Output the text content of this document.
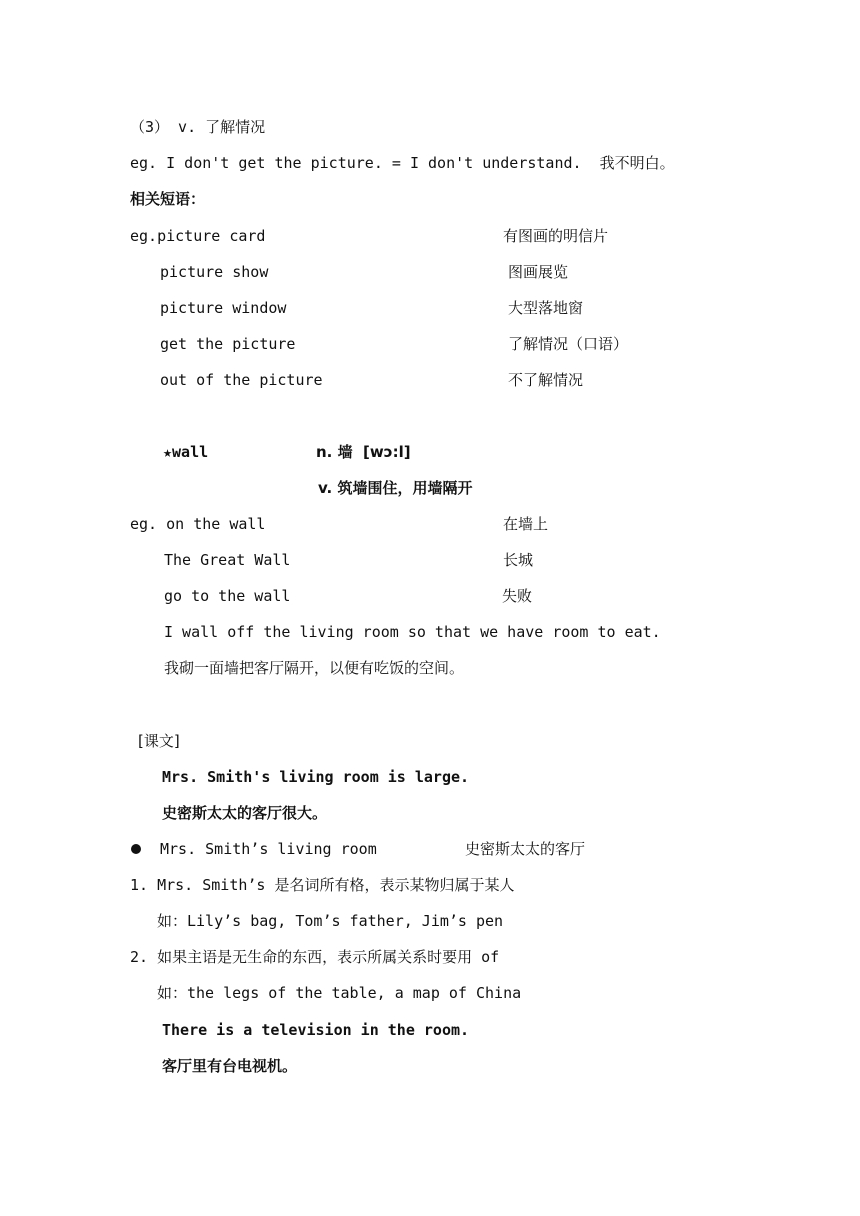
（3） v. 了解情况
eg. I don't get the picture. = I don't understand.  我不明白。
相关短语：
eg.picture card	有图画的明信片
picture show	图画展览
picture window	大型落地窗
get the picture	了解情况（口语）
out of the picture	不了解情况
★wall	n. 墙  [wɔ:l]
v. 筑墙围住，用墙隔开
eg. on the wall	在墙上
The Great Wall	长城
go to the wall	失败
I wall off the living room so that we have room to eat.
我砌一面墙把客厅隔开，以便有吃饭的空间。
[课文]
Mrs. Smith's living room is large.
史密斯太太的客厅很大。
Mrs. Smith’s living room	史密斯太太的客厅
1. Mrs. Smith’s 是名词所有格，表示某物归属于某人
如：Lily’s bag, Tom’s father, Jim’s pen
2. 如果主语是无生命的东西，表示所属关系时要用 of
如：the legs of the table, a map of China
There is a television in the room.
客厅里有台电视机。
